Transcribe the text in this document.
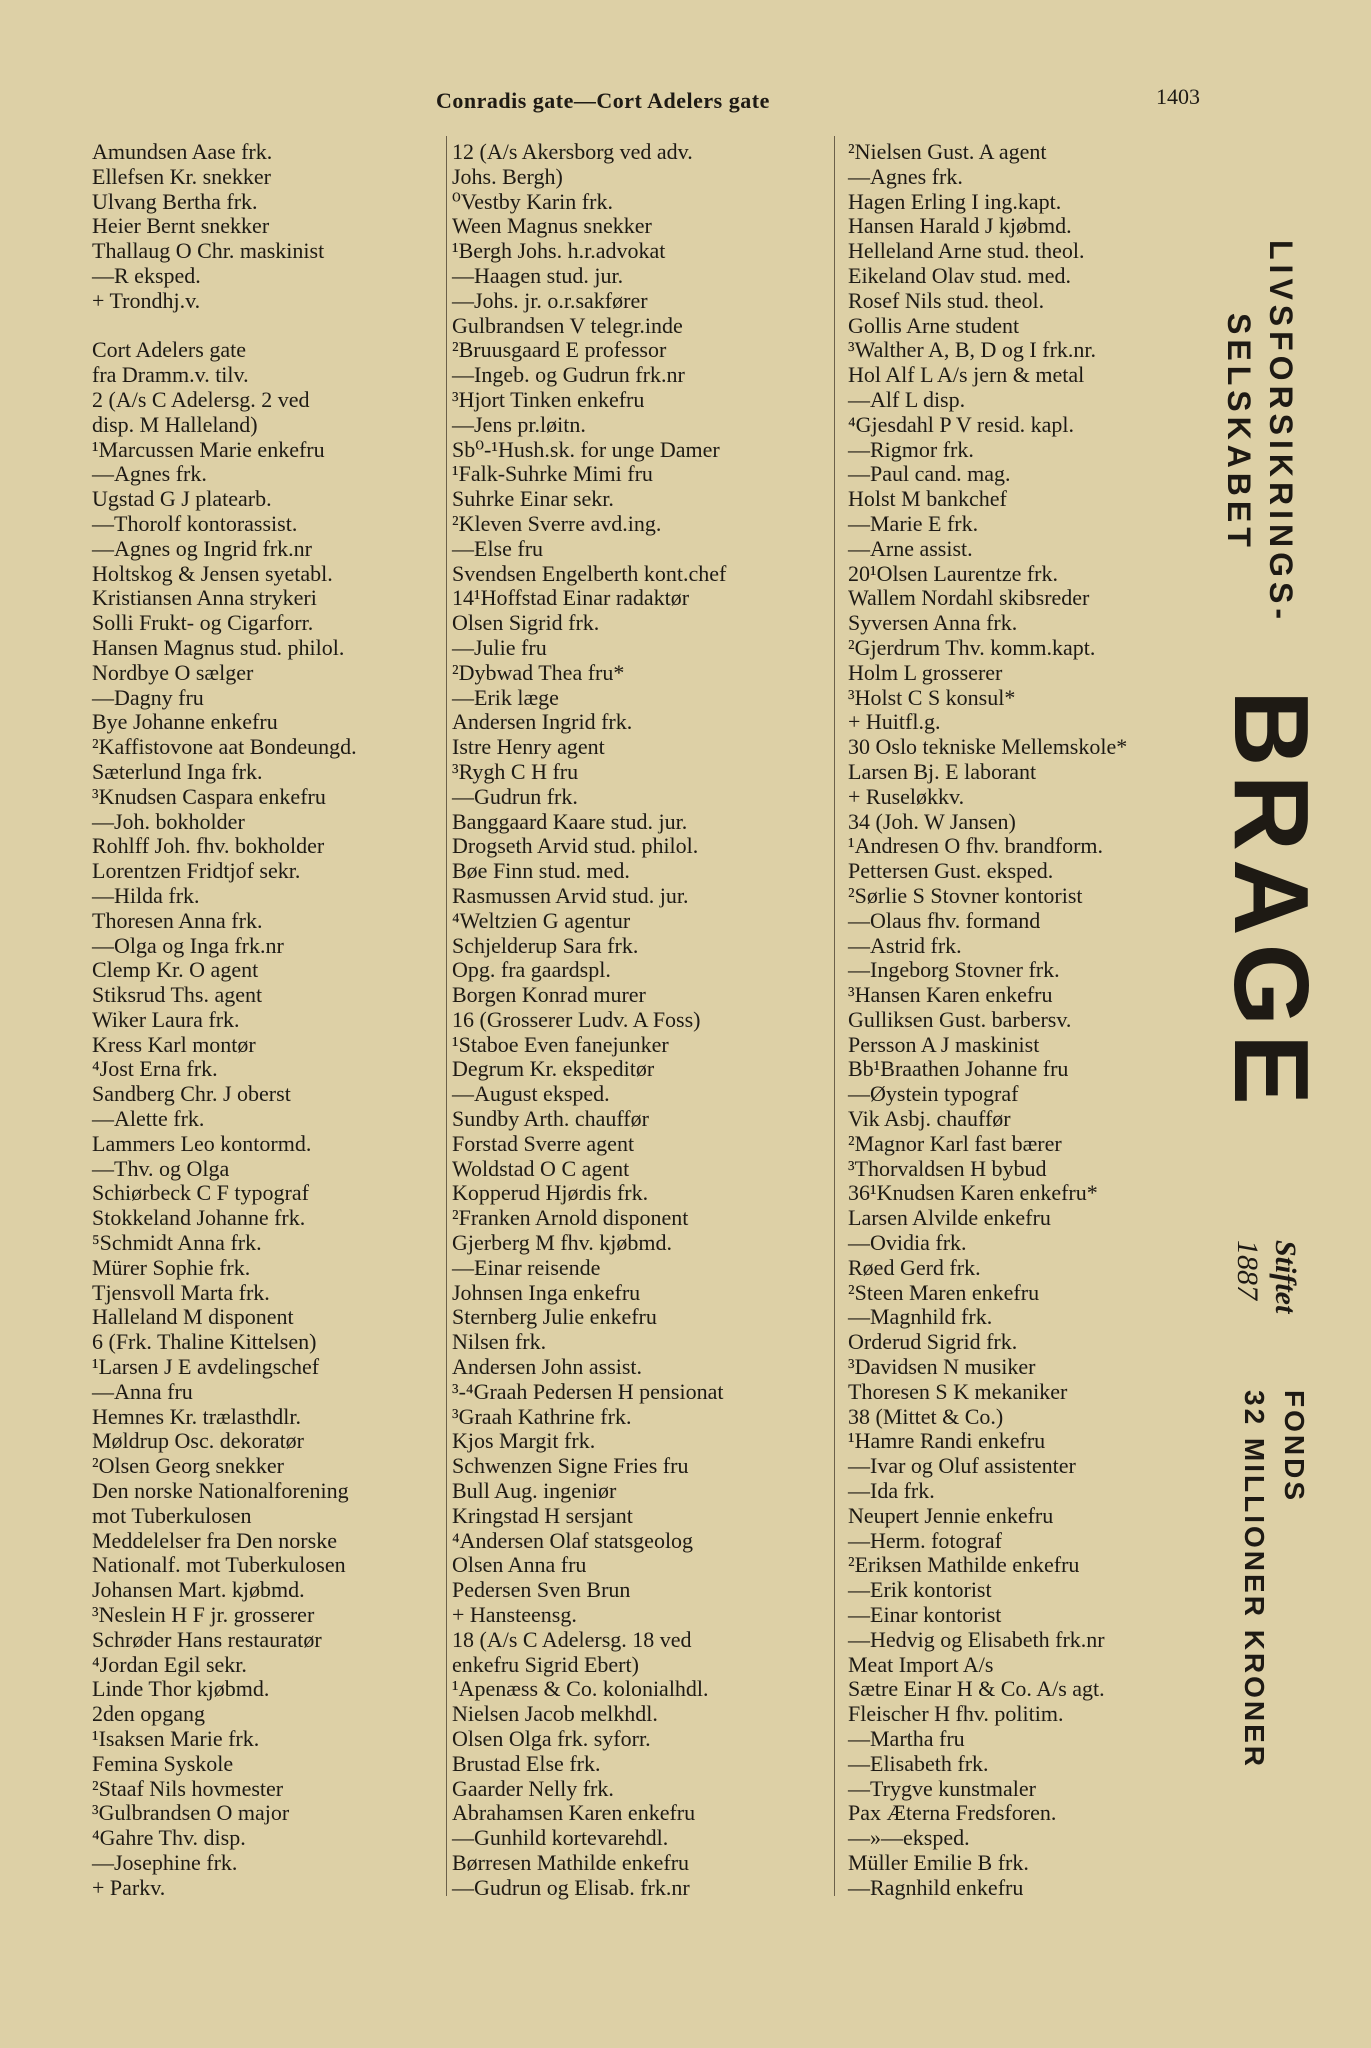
Conradis gate—Cort Adelers gate	1403
Amundsen Aase frk.
Ellefsen Kr. snekker
Ulvang Bertha frk.
Heier Bernt snekker
Thallaug O Chr. maskinist
—R eksped.
+ Trondhj.v.
Cort Adelers gate
fra Dramm.v. tilv.
2 (A/s C Adelersg. 2 ved
disp. M Halleland)
¹Marcussen Marie enkefru
—Agnes frk.
Ugstad G J platearb.
—Thorolf kontorassist.
—Agnes og Ingrid frk.nr
Holtskog & Jensen syetabl.
Kristiansen Anna strykeri
Solli Frukt- og Cigarforr.
Hansen Magnus stud. philol.
Nordbye O sælger
—Dagny fru
Bye Johanne enkefru
²Kaffistovone aat Bondeungd.
Sæterlund Inga frk.
³Knudsen Caspara enkefru
—Joh. bokholder
Rohlff Joh. fhv. bokholder
Lorentzen Fridtjof sekr.
—Hilda frk.
Thoresen Anna frk.
—Olga og Inga frk.nr
Clemp Kr. O agent
Stiksrud Ths. agent
Wiker Laura frk.
Kress Karl montør
⁴Jost Erna frk.
Sandberg Chr. J oberst
—Alette frk.
Lammers Leo kontormd.
—Thv. og Olga
Schiørbeck C F typograf
Stokkeland Johanne frk.
⁵Schmidt Anna frk.
Mürer Sophie frk.
Tjensvoll Marta frk.
Halleland M disponent
6 (Frk. Thaline Kittelsen)
¹Larsen J E avdelingschef
—Anna fru
Hemnes Kr. trælasthdlr.
Møldrup Osc. dekoratør
²Olsen Georg snekker
Den norske Nationalforening
mot Tuberkulosen
Meddelelser fra Den norske
Nationalf. mot Tuberkulosen
Johansen Mart. kjøbmd.
³Neslein H F jr. grosserer
Schrøder Hans restauratør
⁴Jordan Egil sekr.
Linde Thor kjøbmd.
2den opgang
¹Isaksen Marie frk.
Femina Syskole
²Staaf Nils hovmester
³Gulbrandsen O major
⁴Gahre Thv. disp.
—Josephine frk.
+ Parkv.
12 (A/s Akersborg ved adv.
Johs. Bergh)
⁰Vestby Karin frk.
Ween Magnus snekker
¹Bergh Johs. h.r.advokat
—Haagen stud. jur.
—Johs. jr. o.r.sakfører
Gulbrandsen V telegr.inde
²Bruusgaard E professor
—Ingeb. og Gudrun frk.nr
³Hjort Tinken enkefru
—Jens pr.løitn.
Sb⁰-¹Hush.sk. for unge Damer
¹Falk-Suhrke Mimi fru
Suhrke Einar sekr.
²Kleven Sverre avd.ing.
—Else fru
Svendsen Engelberth kont.chef
14¹Hoffstad Einar radaktør
Olsen Sigrid frk.
—Julie fru
²Dybwad Thea fru*
—Erik læge
Andersen Ingrid frk.
Istre Henry agent
³Rygh C H fru
—Gudrun frk.
Banggaard Kaare stud. jur.
Drogseth Arvid stud. philol.
Bøe Finn stud. med.
Rasmussen Arvid stud. jur.
⁴Weltzien G agentur
Schjelderup Sara frk.
Opg. fra gaardspl.
Borgen Konrad murer
16 (Grosserer Ludv. A Foss)
¹Staboe Even fanejunker
Degrum Kr. ekspeditør
—August eksped.
Sundby Arth. chauffør
Forstad Sverre agent
Woldstad O C agent
Kopperud Hjørdis frk.
²Franken Arnold disponent
Gjerberg M fhv. kjøbmd.
—Einar reisende
Johnsen Inga enkefru
Sternberg Julie enkefru
Nilsen frk.
Andersen John assist.
³-⁴Graah Pedersen H pensionat
³Graah Kathrine frk.
Kjos Margit frk.
Schwenzen Signe Fries fru
Bull Aug. ingeniør
Kringstad H sersjant
⁴Andersen Olaf statsgeolog
Olsen Anna fru
Pedersen Sven Brun
+ Hansteensg.
18 (A/s C Adelersg. 18 ved
enkefru Sigrid Ebert)
¹Apenæss & Co. kolonialhdl.
Nielsen Jacob melkhdl.
Olsen Olga frk. syforr.
Brustad Else frk.
Gaarder Nelly frk.
Abrahamsen Karen enkefru
—Gunhild kortevarehdl.
Børresen Mathilde enkefru
—Gudrun og Elisab. frk.nr
²Nielsen Gust. A agent
—Agnes frk.
Hagen Erling I ing.kapt.
Hansen Harald J kjøbmd.
Helleland Arne stud. theol.
Eikeland Olav stud. med.
Rosef Nils stud. theol.
Gollis Arne student
³Walther A, B, D og I frk.nr.
Hol Alf L A/s jern & metal
—Alf L disp.
⁴Gjesdahl P V resid. kapl.
—Rigmor frk.
—Paul cand. mag.
Holst M bankchef
—Marie E frk.
—Arne assist.
20¹Olsen Laurentze frk.
Wallem Nordahl skibsreder
Syversen Anna frk.
²Gjerdrum Thv. komm.kapt.
Holm L grosserer
³Holst C S konsul*
+ Huitfl.g.
30 Oslo tekniske Mellemskole*
Larsen Bj. E laborant
+ Ruseløkkv.
34 (Joh. W Jansen)
¹Andresen O fhv. brandform.
Pettersen Gust. eksped.
²Sørlie S Stovner kontorist
—Olaus fhv. formand
—Astrid frk.
—Ingeborg Stovner frk.
³Hansen Karen enkefru
Gulliksen Gust. barbersv.
Persson A J maskinist
Bb¹Braathen Johanne fru
—Øystein typograf
Vik Asbj. chauffør
²Magnor Karl fast bærer
³Thorvaldsen H bybud
36¹Knudsen Karen enkefru*
Larsen Alvilde enkefru
—Ovidia frk.
Røed Gerd frk.
²Steen Maren enkefru
—Magnhild frk.
Orderud Sigrid frk.
³Davidsen N musiker
Thoresen S K mekaniker
38 (Mittet & Co.)
¹Hamre Randi enkefru
—Ivar og Oluf assistenter
—Ida frk.
Neupert Jennie enkefru
—Herm. fotograf
²Eriksen Mathilde enkefru
—Erik kontorist
—Einar kontorist
—Hedvig og Elisabeth frk.nr
Meat Import A/s
Sætre Einar H & Co. A/s agt.
Fleischer H fhv. politim.
—Martha fru
—Elisabeth frk.
—Trygve kunstmaler
Pax Æterna Fredsforen.
—»—eksped.
Müller Emilie B frk.
—Ragnhild enkefru
LIVSFORSIKRINGS-
SELSKABET
BRAGE
Stiftet
1887
FONDS
32 MILLIONER KRONER
